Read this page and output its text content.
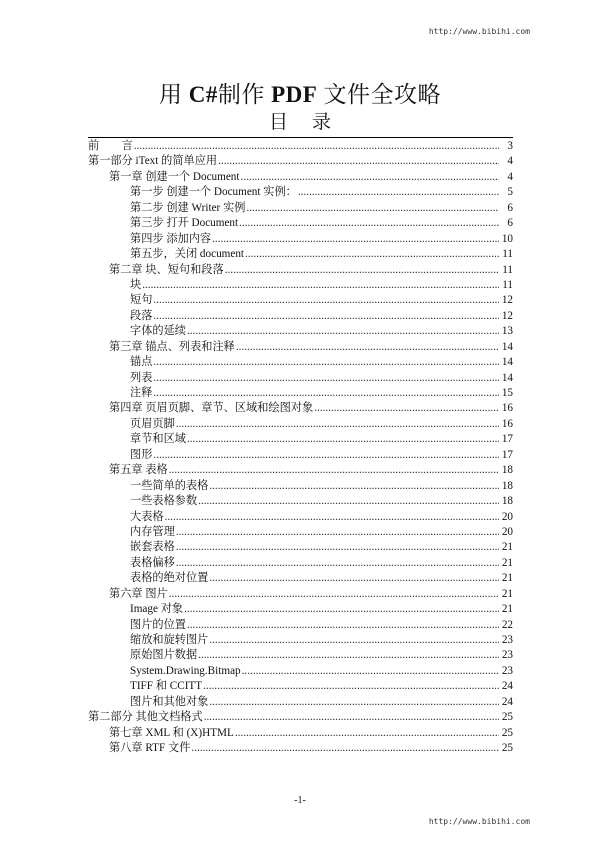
http://www.bibihi.com
用 C#制作 PDF 文件全攻略
目 录
前　　言 .....	3
第一部分 iText 的简单应用 .....	4
第一章 创建一个 Document .....	4
第一步 创建一个 Document 实例： .....	5
第二步 创建 Writer 实例 .....	6
第三步 打开 Document .....	6
第四步 添加内容 .....	10
第五步，关闭 document .....	11
第二章 块、短句和段落 .....	11
块 .....	11
短句 .....	12
段落 .....	12
字体的延续 .....	13
第三章 锚点、列表和注释 .....	14
锚点 .....	14
列表 .....	14
注释 .....	15
第四章 页眉页脚、章节、区域和绘图对象 .....	16
页眉页脚 .....	16
章节和区域 .....	17
图形 .....	17
第五章 表格 .....	18
一些简单的表格 .....	18
一些表格参数 .....	18
大表格 .....	20
内存管理 .....	20
嵌套表格 .....	21
表格偏移 .....	21
表格的绝对位置 .....	21
第六章 图片 .....	21
Image 对象 .....	21
图片的位置 .....	22
缩放和旋转图片 .....	23
原始图片数据 .....	23
System.Drawing.Bitmap .....	23
TIFF 和 CCITT .....	24
图片和其他对象 .....	24
第二部分 其他文档格式 .....	25
第七章 XML 和 (X)HTML .....	25
第八章 RTF 文件 .....	25
-1-
http://www.bibihi.com
